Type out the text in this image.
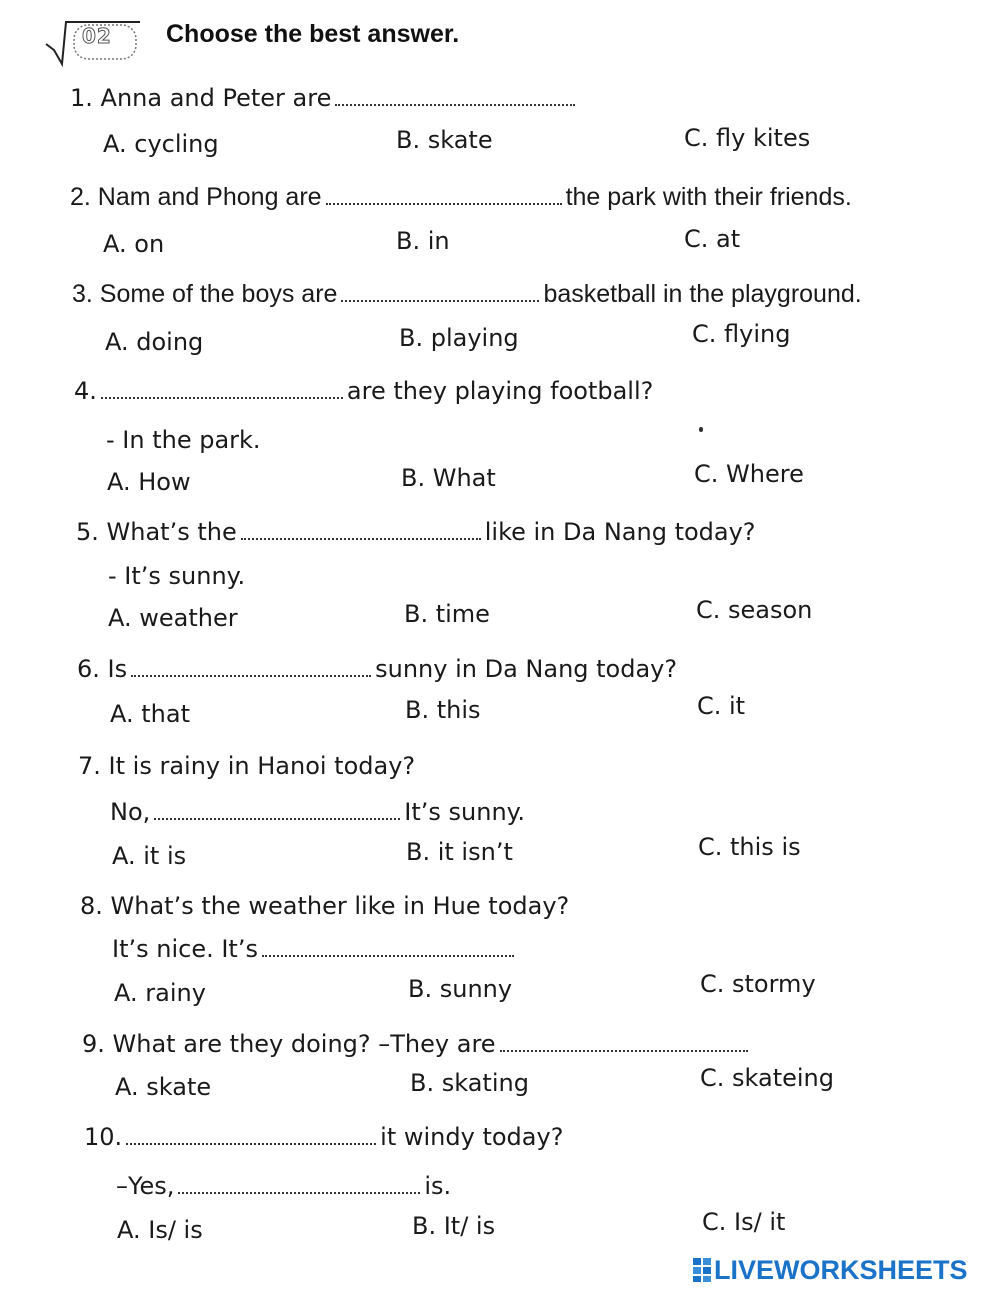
02 Choose the best answer.
1. Anna and Peter are
A. cycling	B. skate	C. fly kites
2. Nam and Phong are	the park with their friends.
A. on	B. in	C. at
3. Some of the boys are	basketball in the playground.
A. doing	B. playing	C. flying
4.	are they playing football?
- In the park.
A. How	B. What	C. Where
5. What’s the	like in Da Nang today?
- It’s sunny.
A. weather	B. time	C. season
6. Is	sunny in Da Nang today?
A. that	B. this	C. it
7. It is rainy in Hanoi today?
No,	It’s sunny.
A. it is	B. it isn’t	C. this is
8. What’s the weather like in Hue today?
It’s nice. It’s
A. rainy	B. sunny	C. stormy
9. What are they doing? –They are
A. skate	B. skating	C. skateing
10.	it windy today?
–Yes,	is.
A. Is/ is	B. It/ is	C. Is/ it
LIVEWORKSHEETS
